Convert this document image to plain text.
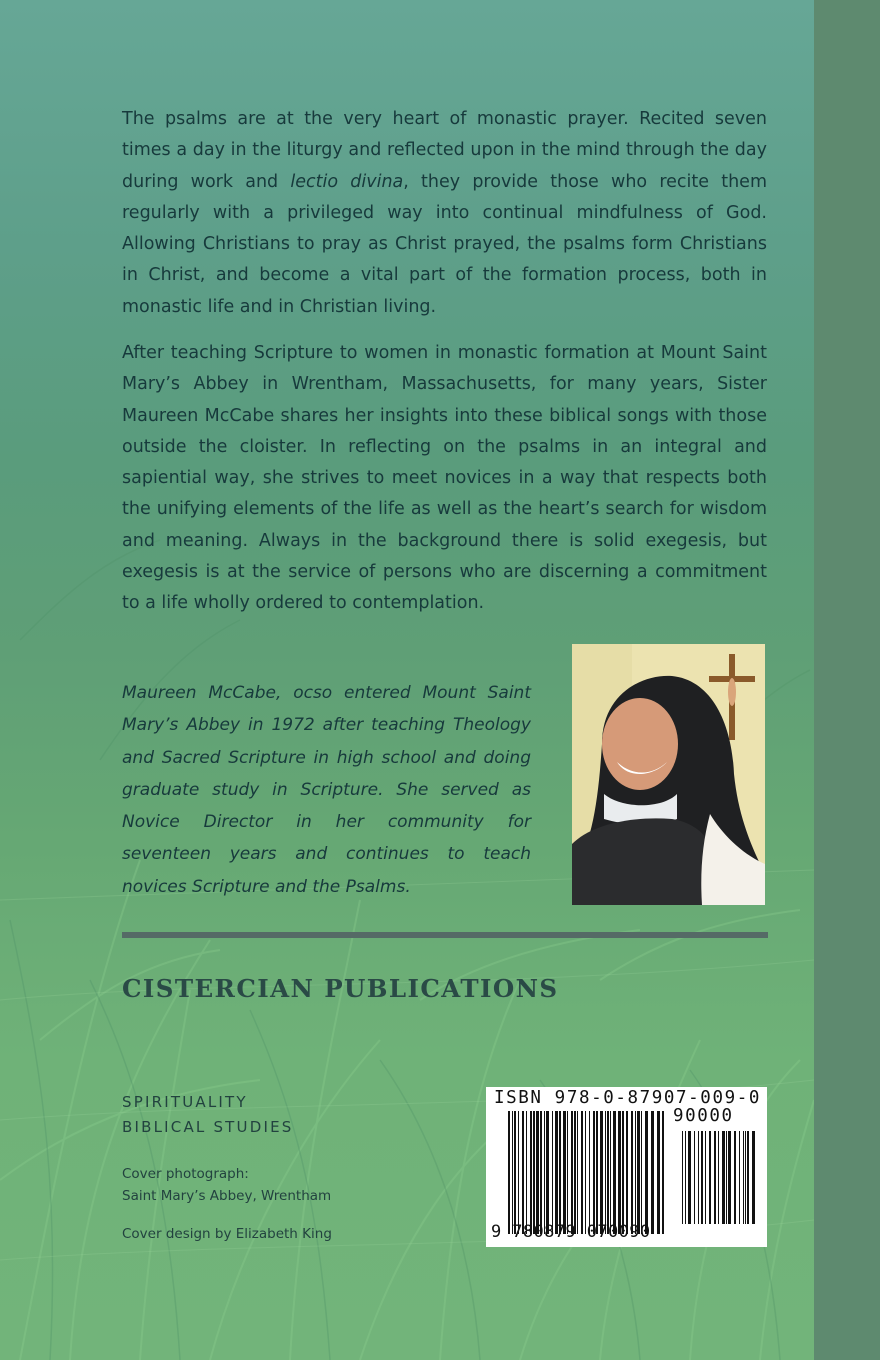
The psalms are at the very heart of monastic prayer. Recited seven times a day in the liturgy and reflected upon in the mind through the day during work and lectio divina, they provide those who recite them regularly with a privileged way into continual mindfulness of God. Allowing Christians to pray as Christ prayed, the psalms form Christians in Christ, and become a vital part of the formation process, both in monastic life and in Christian living.

After teaching Scripture to women in monastic formation at Mount Saint Mary’s Abbey in Wrentham, Massachusetts, for many years, Sister Maureen McCabe shares her insights into these biblical songs with those outside the cloister. In reflecting on the psalms in an integral and sapiential way, she strives to meet novices in a way that respects both the unifying elements of the life as well as the heart’s search for wisdom and meaning. Always in the background there is solid exegesis, but exegesis is at the service of persons who are discerning a commitment to a life wholly ordered to contemplation.

Maureen McCabe, ocso entered Mount Saint Mary’s Abbey in 1972 after teaching Theology and Sacred Scripture in high school and doing graduate study in Scripture. She served as Novice Director in her community for seventeen years and continues to teach novices Scripture and the Psalms.
CISTERCIAN PUBLICATIONS
SPIRITUALITY
BIBLICAL STUDIES
Cover photograph:
Saint Mary’s Abbey, Wrentham
Cover design by Elizabeth King
ISBN 978-0-87907-009-0
90000
9 780879 070090
